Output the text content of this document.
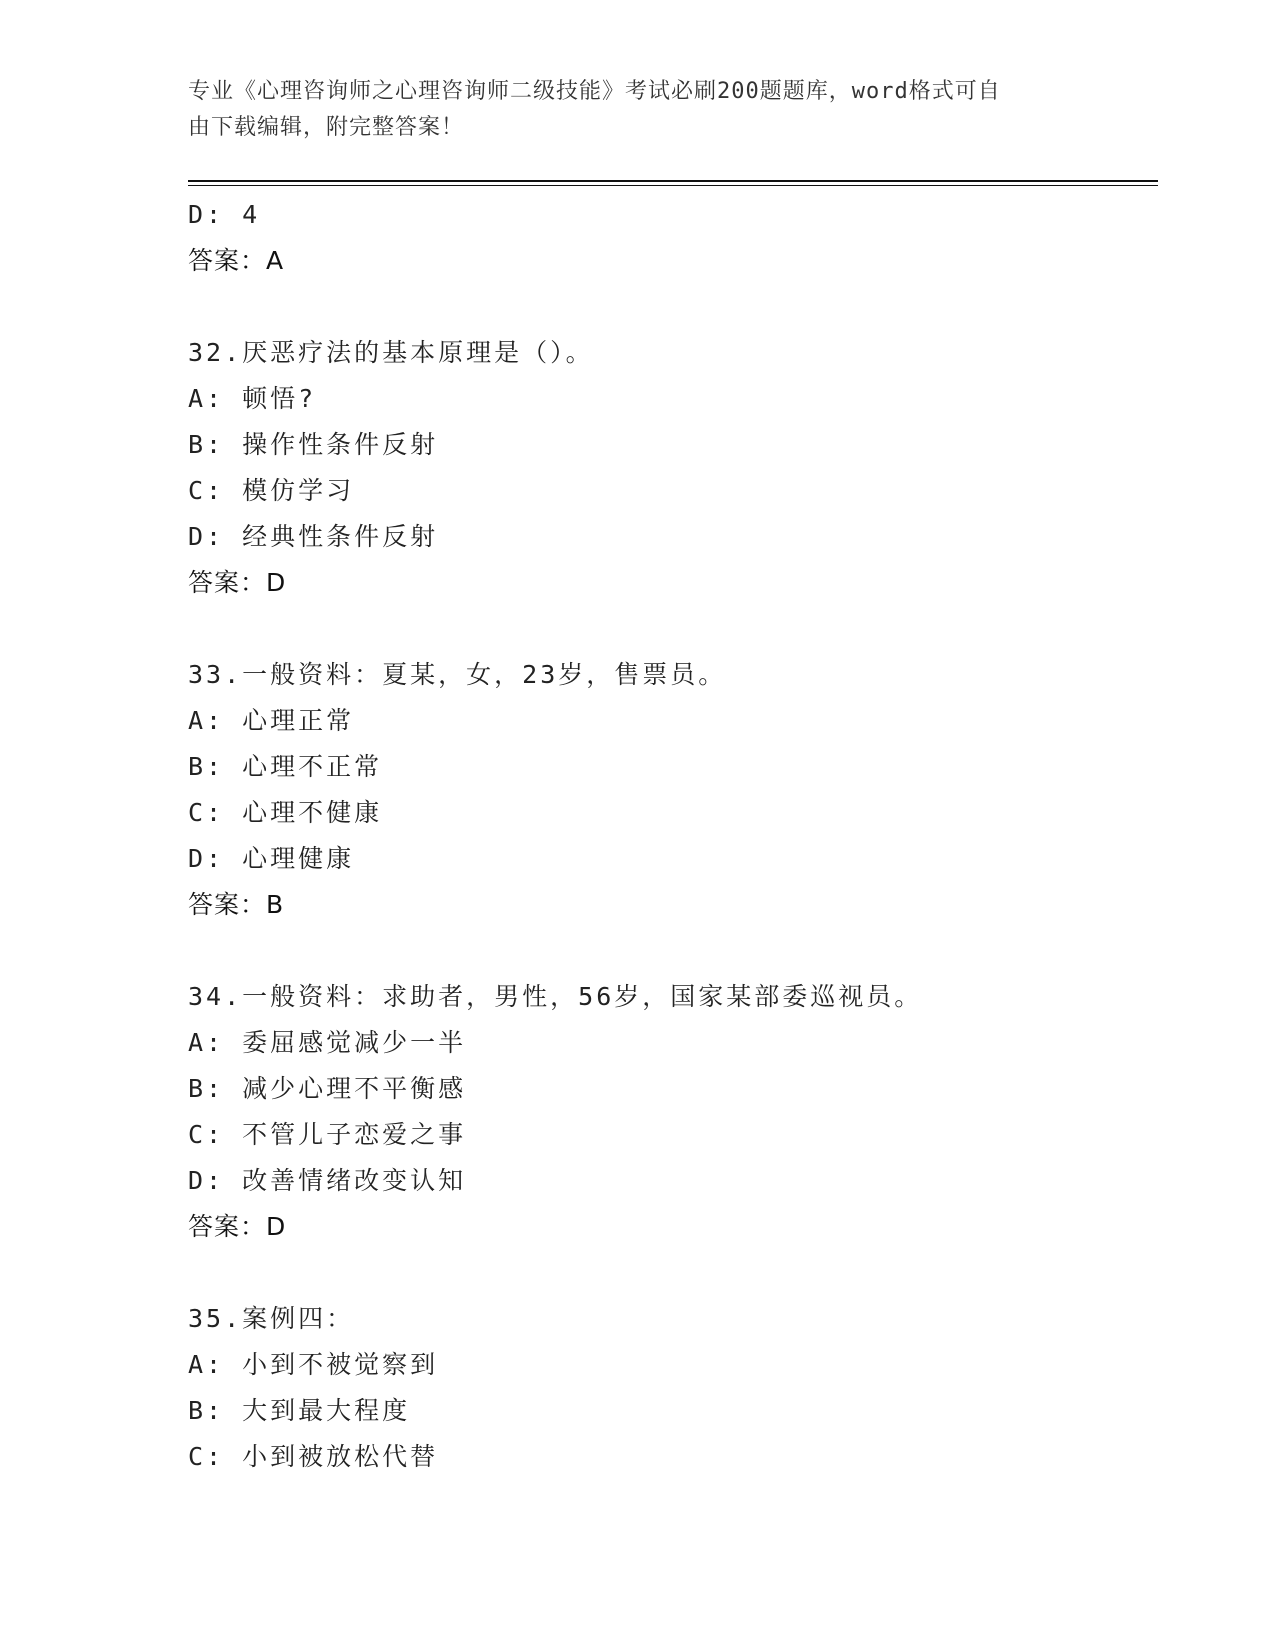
专业《心理咨询师之心理咨询师二级技能》考试必刷200题题库，word格式可自
由下载编辑，附完整答案！
D: 4
答案：A
32.厌恶疗法的基本原理是（）。
A: 顿悟?
B: 操作性条件反射
C: 模仿学习
D: 经典性条件反射
答案：D
33.一般资料：夏某，女，23岁，售票员。
A: 心理正常
B: 心理不正常
C: 心理不健康
D: 心理健康
答案：B
34.一般资料：求助者，男性，56岁，国家某部委巡视员。
A: 委屈感觉减少一半
B: 减少心理不平衡感
C: 不管儿子恋爱之事
D: 改善情绪改变认知
答案：D
35.案例四：
A: 小到不被觉察到
B: 大到最大程度
C: 小到被放松代替
